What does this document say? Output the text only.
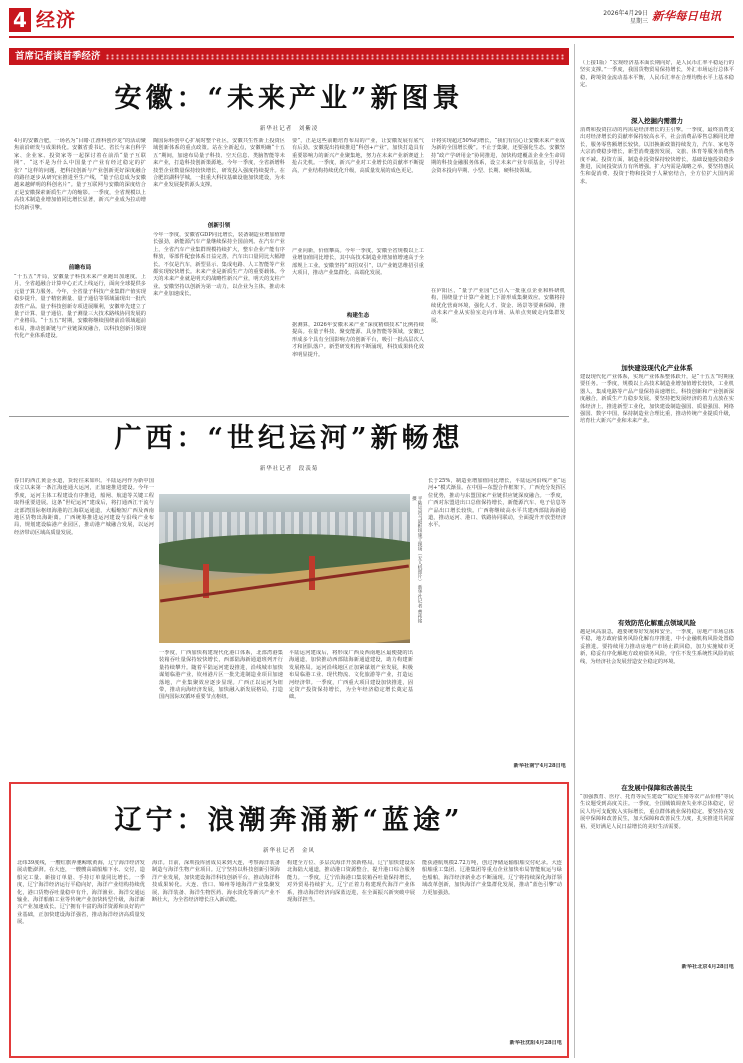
4 经济	2026年4月29日
星期三 新华每日电讯
首席记者谈首季经济
安徽：“未来产业”新图景
新华社记者　刘紫凌
4月的安徽合肥，一场名为“目睹·江淮科创沙龙”的活动聚焦前沿研发与成果转化。安徽省委书记、省长与来自科学家、企业家、投资家等一起探讨着在前沿“量子互联网”、“这不是为什么中国量子产业有经过稳定的扩张？”这样的问题，把科技创新与产业创新更好深度融合的路径逐步从研究室推进至生产线，“量子信息成为安徽越来越鲜明的科创名片”。量子互联网与安徽的深度结合正是安徽探索新质生产力的缩影。一季度，全省规模以上高技术制造业增加值同比增长显著，新兴产业成为拉动增长的新引擎。
前瞻布局
“十五五”开局，安徽量子科技未来产业跑出加速度。上月，全省超融合计算中心正式上线运行，面向全球提供多元量子算力服务。今年，全省量子科技产业集群产值实现稳步提升，量子精密测量、量子通信等领域涌现出一批代表性产品。量子科技创新专项进展顺利，安徽率先建立了量子计算、量子通信、量子测量三大技术路线协同发展的产业格局。“十五五”时期，安徽将继续围绕前沿领域超前布局，推动创新链与产业链深度融合，以科技创新引领现代化产业体系建设。
陶国际科创中心扩展时整个社区，安徽共生性新上投资区域创新体系的重点政策。站在全新起点，安徽明确“十五五”期间，加速布局量子科技、空天信息、类脑智能等未来产业，打造科技创新策源地。今年一季度，全省新增科技型企业数量保持较快增长，研发投入强度持续提升。在合肥滨湖科学城，一批重大科技基础设施加快建设，为未来产业发展提供源头支撑。
创新引领
今年一季度，安徽省GDP同比增长，装备制造业增加值增长强劲，新能源汽车产量继续保持全国前列。在汽车产业上，全省汽车产业集群规模持续扩大，整车企业产能有序释放，零部件配套体系日益完善，汽车出口量同比大幅增长。不仅是汽车，新型显示、集成电路、人工智能等产业都实现较快增长。未来产业是新质生产力的重要载体。今天的未来产业就是明天的战略性新兴产业，明天的支柱产业。安徽坚持以创新为第一动力，以企业为主体，推动未来产业加速成长。
要”，正是这些前瞻培育布局的产业，让安徽发展有底气有后劲。安徽提出持续推进“科创+产业”，加快打造具有重要影响力的新兴产业聚集地，努力在未来产业新赛道上抢占先机。一季度，新兴产业对工业增长的贡献率不断提高，产业结构持续优化升级，高质量发展的成色更足。
产业向新，价值攀高。今年一季度，安徽全省规模以上工业增加值同比增长，其中高技术制造业增加值增速高于全部规上工业。安徽坚持“双招双引”，以产业链思维招引重大项目，推动产业集群化、高端化发展。
构建生态
据测算，2026年安徽未来产业“深度精细技术”比例持续提高。在量子科技、聚变能源、具身智能等领域，安徽已形成多个具有全国影响力的创新平台，吸引一批高层次人才和团队落户。新型研发机构不断涌现，科技成果转化效率明显提升。
计将实现超过50%的增长，“我们有信心让安徽未来产业成为新的全国增长极”。不止于集聚，还要强化生态。安徽坚持“政产学研用金”协同推进，加快构建覆盖企业全生命周期的科技金融服务体系，设立未来产业专项基金，引导社会资本投向早期、小型、长期、硬科技领域。
在庐阳区，“量子产业园”已引入一批重点企业和科研机构，围绕量子计算产业链上下游形成集聚效应。安徽将持续优化营商环境，强化人才、资金、场景等要素保障，推动未来产业从实验室走向市场、从单点突破走向集群发展。
广西：“世纪运河”新畅想
新华社记者　段羡菊
春日的西江黄金水道，货轮往来如织。平陆运河作为新中国成立以来第一条江海连通大运河，正加速推进建设。今年一季度，运河主体工程建设有序推进，船闸、航道等关键工程取得重要进展。这条“世纪运河”建成后，将打通西江干流与北部湾国际枢纽海港的江海联运通道，大幅缩短广西及西南地区货物出海距离。广西统筹推进运河建设与沿线产业布局，规划建设临港产业园区，推动港产城融合发展，以运河经济带动区域高质量发展。	平陆运河马道枢纽施工现场（无人机照片） 新华社记者 曹祎铭 摄
一季度，广西加快构建现代化港口体系，北部湾港集装箱吞吐量保持较快增长，西部陆海新通道班列开行量持续攀升。随着平陆运河建设推进，沿线城市加快谋划临港产业，钦州港片区一批先进制造业项目加速落地，产业集聚效应逐步显现。广西正以运河为纽带，推动向海经济发展，加快融入新发展格局，打造国内国际双循环重要节点枢纽。
平陆运河建成后，将形成广西及西南地区最便捷的出海通道，加快推动西部陆海新通道建设，助力构建新发展格局。运河沿线地区正加紧谋划产业发展，积极布局临港工业、现代物流、文化旅游等产业，打造运河经济带。一季度，广西重大项目建设加快推进，固定资产投资保持增长，为全年经济稳定增长奠定基础。
长于25%，制造业增加值同比增长，平陆运河沿线产业“运河+”模式渐显。在中国—东盟合作框架下，广西充分发挥区位优势，推动与东盟国家产业链供应链深度融合。一季度，广西对东盟进出口总值保持增长，新能源汽车、电子信息等产品出口增长较快。广西将继续高水平共建西部陆海新通道，推动运河、港口、铁路协同联动，全面提升开放型经济水平。
新华社南宁4月28日电
辽宁：浪潮奔涌新“蓝途”
新华社记者　金风
北纬39度线，一艘红旗奔驰鲸歌黄海，辽宁海洋经济发展动能澎湃。在大连，一艘艘高端船舶下水、交付，造船完工量、新接订单量、手持订单量同比增长。一季度，辽宁海洋经济运行平稳向好，海洋产业结构持续优化，港口货物吞吐量稳中有升，海洋渔业、海洋交通运输业、海洋船舶工业等传统产业加快转型升级，海洋新兴产业加速成长。辽宁拥有丰富的海洋资源和良好的产业基础，正加快建设海洋强省，推动海洋经济高质量发展。
海洋。日前，深圳投库团成员来到大连，考察海洋装备制造与海洋生物产业项目。辽宁坚持以科技创新引领海洋产业发展，加快建设海洋科技创新平台，推动海洋科技成果转化。大连、营口、锦州等地海洋产业集聚发展，海洋装备、海洋生物医药、海水淡化等新兴产业不断壮大，为全省经济增长注入新动能。
构建全方位、多层次海洋开放新格局。辽宁加快建设东北海陆大通道，推动港口资源整合，提升港口综合服务能力。一季度，辽宁沿海港口集装箱吞吐量保持增长，对外贸易持续扩大。辽宁正着力构建现代海洋产业体系，推动海洋经济向深蓝迈进，在全面振兴新突破中展现海洋担当。
能获港航规模2.72万吨，创过净储运输船舶交付纪录。大连船舶重工集团、辽港集团等重点企业加快布局智能航运与绿色船舶，海洋经济新业态不断涌现。辽宁将持续深化海洋领域改革创新，加快海洋产业集群化发展，推动“蓝色引擎”动力更加强劲。
新华社沈阳4月28日电
（上接1版）“宏观经济基本面长期向好，是人民币汇率平稳运行的坚实支撑。”一季度，我国货物贸易保持增长，外汇市场运行总体平稳，跨境资金流动基本平衡，人民币汇率在合理均衡水平上基本稳定。
深入挖掘内需潜力
消费和投资拉动的内需是经济增长的主引擎。一季度，最终消费支出对经济增长的贡献率保持较高水平，社会消费品零售总额同比增长，服务零售额增长较快。以旧换新政策持续发力，汽车、家电等大宗消费稳步增长，新型消费蓬勃发展，文旅、体育等服务消费热度不减。投资方面，制造业投资保持较快增长，基础设施投资稳步推进，民间投资活力有所增强。扩大内需是战略之举，要坚持惠民生和促消费、投资于物和投资于人紧密结合，全方位扩大国内需求。
加快建设现代化产业体系
建设现代化产业体系，实现产业体系整体跃升，是“十五五”时期重要任务。一季度，规模以上高技术制造业增加值增长较快，工业机器人、集成电路等产品产量保持高速增长。科技创新和产业创新深度融合，新质生产力稳步发展。要坚持把发展经济的着力点放在实体经济上，推进新型工业化，加快建设制造强国、质量强国、网络强国、数字中国，保持制造业合理比重，推动传统产业提质升级，培育壮大新兴产业和未来产业。
有效防范化解重点领域风险
越是风高浪急，越要统筹好发展和安全。一季度，房地产市场总体平稳，地方政府债务风险化解有序推进，中小金融机构风险处置稳妥推进。要持续用力推动房地产市场止跌回稳，加力实施城市更新，稳妥有序化解地方政府债务风险，守住不发生系统性风险的底线，为经济社会发展营造安全稳定的环境。
在发展中保障和改善民生
“加强教育、医疗、托育等民生建设”“稳定生猪等农产品价格”等民生议题受到高度关注。一季度，全国城镇调查失业率总体稳定，居民人均可支配收入实际增长，重点群体就业保持稳定。要坚持在发展中保障和改善民生，加大保障和改善民生力度，扎实推进共同富裕，更好满足人民日益增长的美好生活需要。
新华社北京4月28日电
